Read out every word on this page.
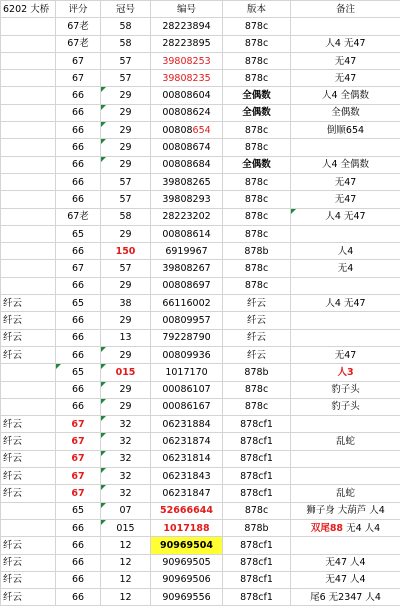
6202 大桥	评分	冠号	编号	版本	备注
	67老	58	28223894	878c	
	67老	58	28223895	878c	人4 无47
	67	57	39808253	878c	无47
	67	57	39808235	878c	无47
	66	29	00808604	全偶数	人4 全偶数
	66	29	00808624	全偶数	全偶数
	66	29	00808654	878c	倒顺654
	66	29	00808674	878c	
	66	29	00808684	全偶数	人4 全偶数
	66	57	39808265	878c	无47
	66	57	39808293	878c	无47
	67老	58	28223202	878c	人4 无47
	65	29	00808614	878c	
	66	150	6919967	878b	人4
	67	57	39808267	878c	无4
	66	29	00808697	878c	
纤云	65	38	66116002	纤云	人4 无47
纤云	66	29	00809957	纤云	
纤云	66	13	79228790	纤云	
纤云	66	29	00809936	纤云	无47
	65	015	1017170	878b	人3
	66	29	00086107	878c	豹子头
	66	29	00086167	878c	豹子头
纤云	67	32	06231884	878cf1	
纤云	67	32	06231874	878cf1	乱蛇
纤云	67	32	06231814	878cf1	
纤云	67	32	06231843	878cf1	
纤云	67	32	06231847	878cf1	乱蛇
	65	07	52666644	878c	狮子身 大葫芦 人4
	66	015	1017188	878b	双尾88 无4 人4
纤云	66	12	90969504	878cf1	
纤云	66	12	90969505	878cf1	无47 人4
纤云	66	12	90969506	878cf1	无47 人4
纤云	66	12	90969556	878cf1	尾6 无2347 人4
